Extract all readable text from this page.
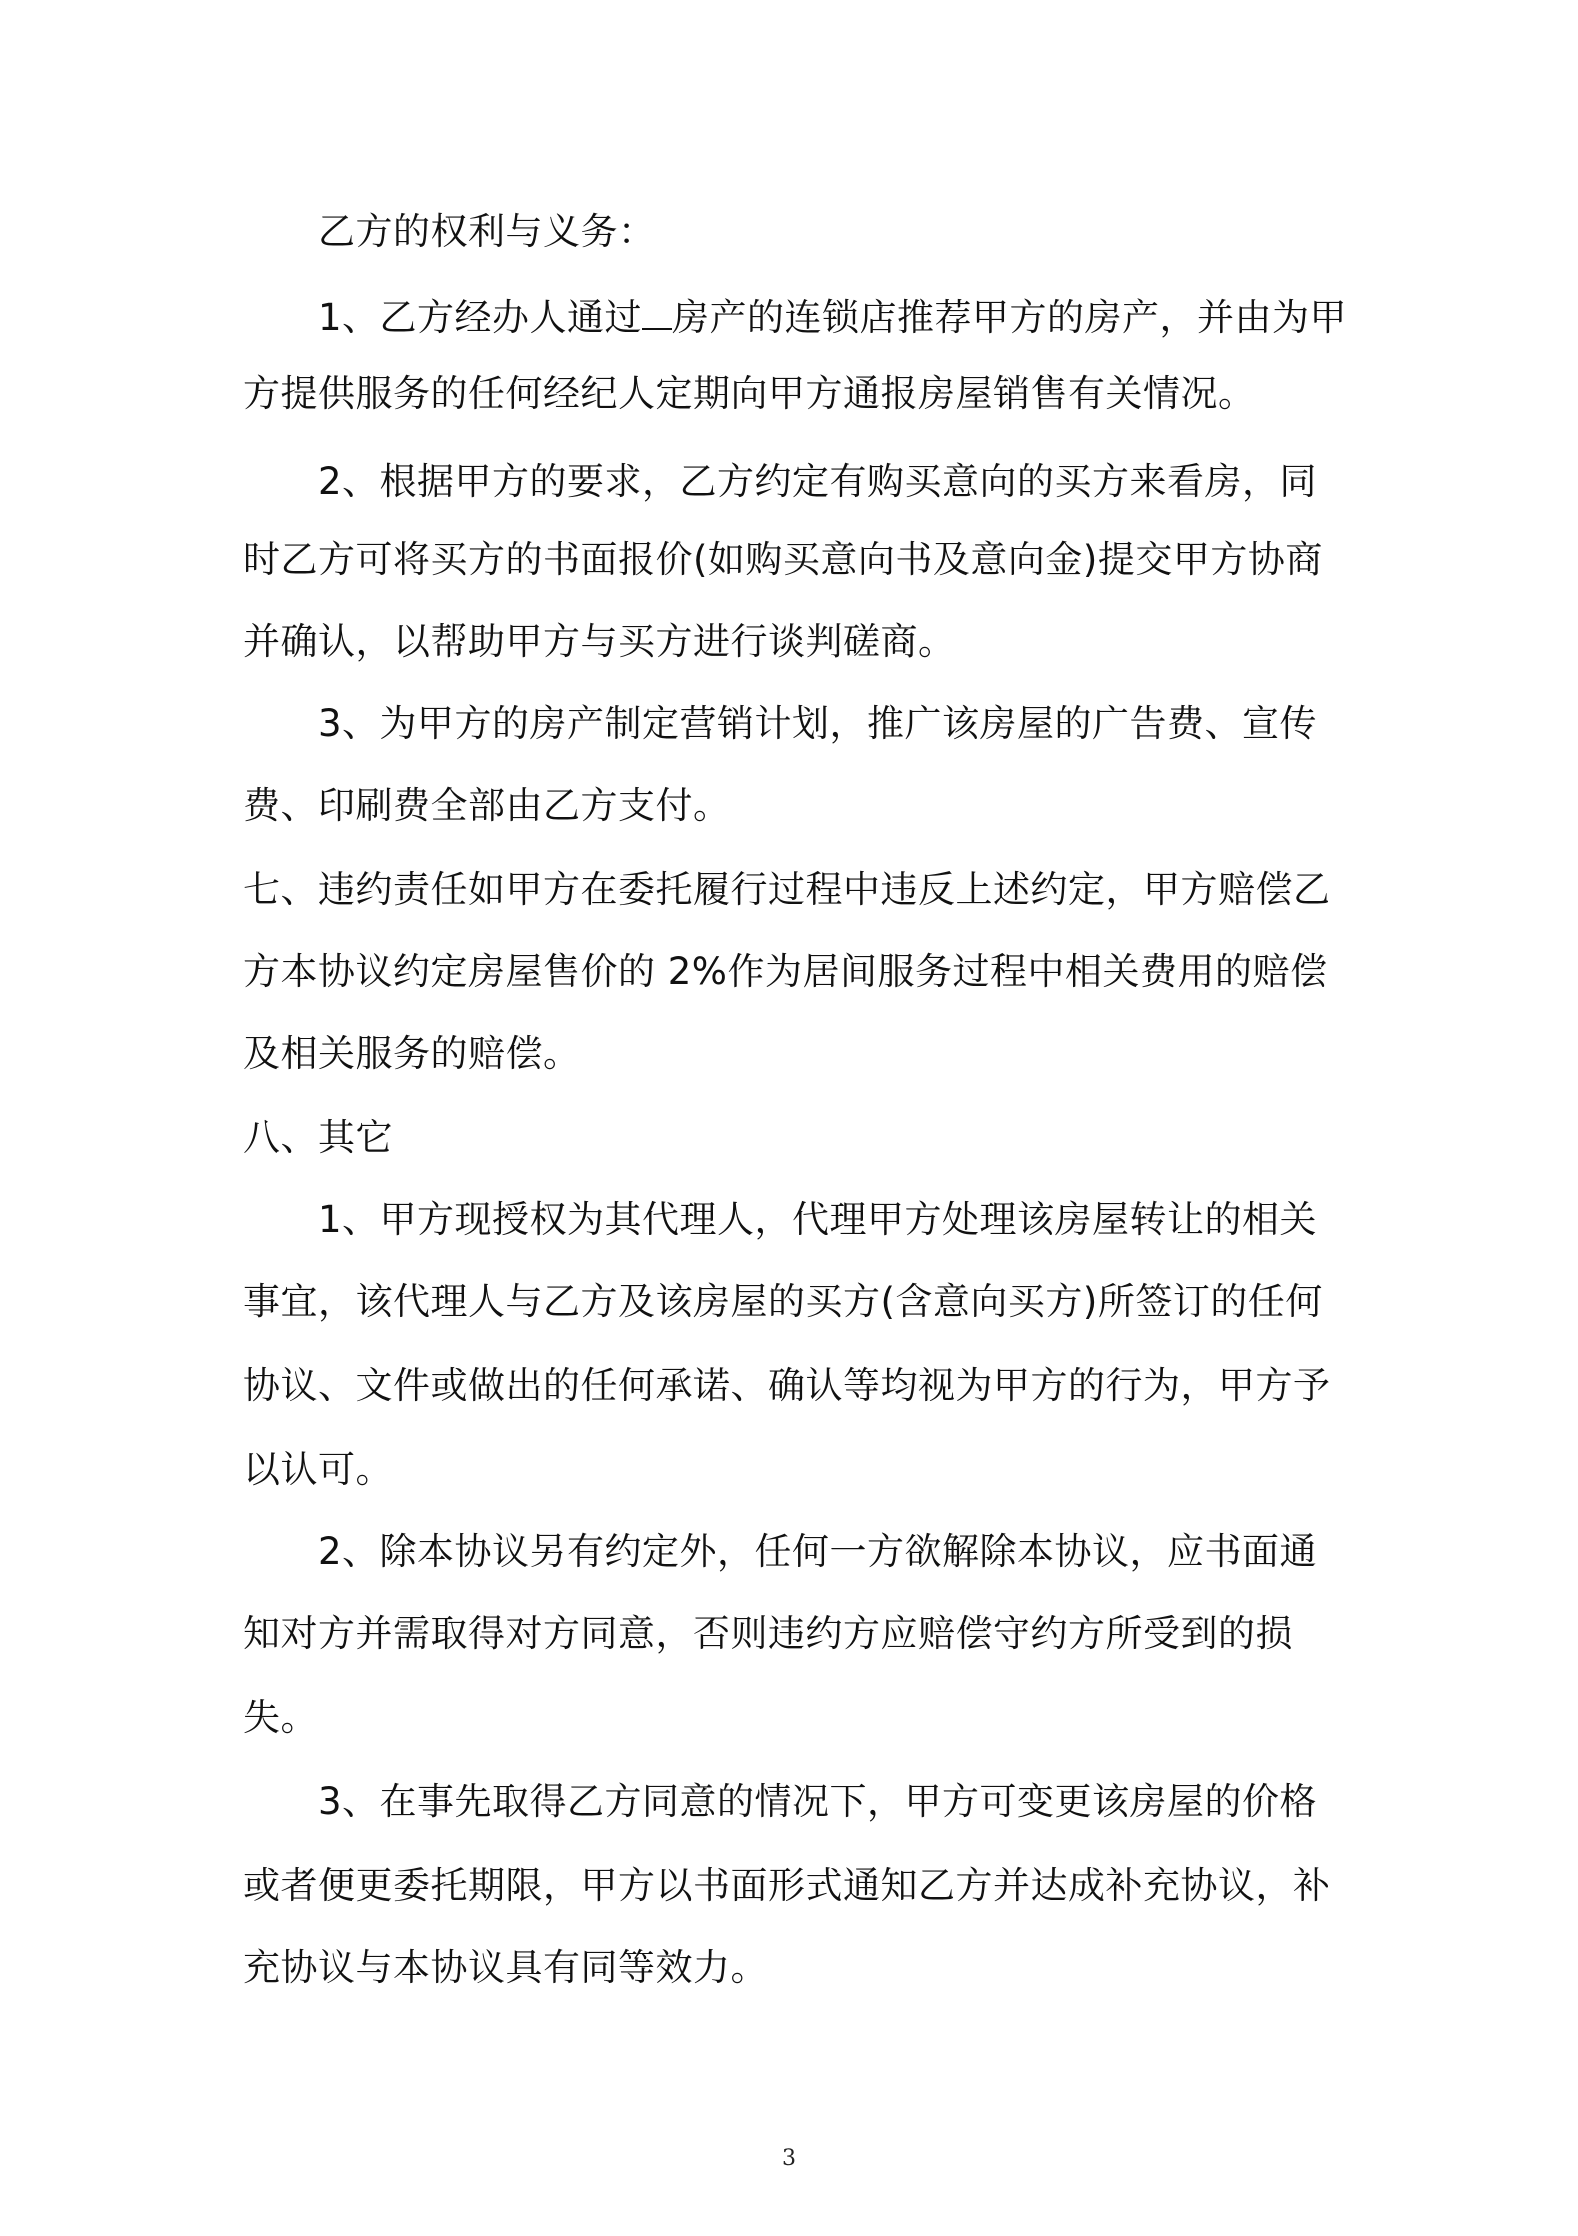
乙方的权利与义务：
1、乙方经办人通过 房产的连锁店推荐甲方的房产，并由为甲
方提供服务的任何经纪人定期向甲方通报房屋销售有关情况。
2、根据甲方的要求，乙方约定有购买意向的买方来看房，同
时乙方可将买方的书面报价(如购买意向书及意向金)提交甲方协商
并确认，以帮助甲方与买方进行谈判磋商。
3、为甲方的房产制定营销计划，推广该房屋的广告费、宣传
费、印刷费全部由乙方支付。
七、违约责任如甲方在委托履行过程中违反上述约定，甲方赔偿乙
方本协议约定房屋售价的 2%作为居间服务过程中相关费用的赔偿
及相关服务的赔偿。
八、其它
1、甲方现授权为其代理人，代理甲方处理该房屋转让的相关
事宜，该代理人与乙方及该房屋的买方(含意向买方)所签订的任何
协议、文件或做出的任何承诺、确认等均视为甲方的行为，甲方予
以认可。
2、除本协议另有约定外，任何一方欲解除本协议，应书面通
知对方并需取得对方同意，否则违约方应赔偿守约方所受到的损
失。
3、在事先取得乙方同意的情况下，甲方可变更该房屋的价格
或者便更委托期限，甲方以书面形式通知乙方并达成补充协议，补
充协议与本协议具有同等效力。
3
